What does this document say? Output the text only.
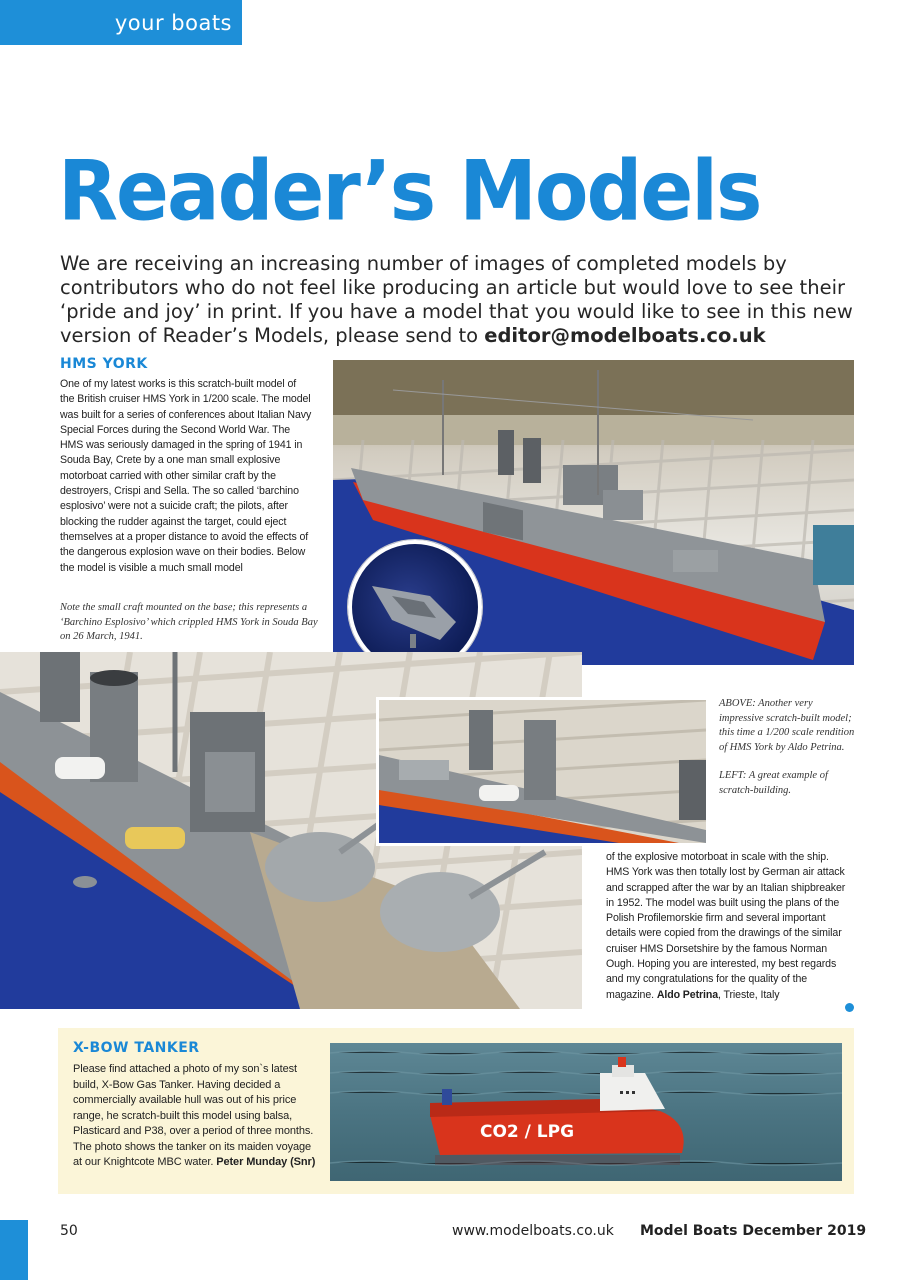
your boats
Reader’s Models
We are receiving an increasing number of images of completed models by contributors who do not feel like producing an article but would love to see their ‘pride and joy’ in print. If you have a model that you would like to see in this new version of Reader’s Models, please send to editor@modelboats.co.uk
HMS YORK
One of my latest works is this scratch-built model of the British cruiser HMS York in 1/200 scale. The model was built for a series of conferences about Italian Navy Special Forces during the Second World War. The HMS was seriously damaged in the spring of 1941 in Souda Bay, Crete by a one man small explosive motorboat carried with other similar craft by the destroyers, Crispi and Sella. The so called ‘barchino esplosivo’ were not a suicide craft; the pilots, after blocking the rudder against the target, could eject themselves at a proper distance to avoid the effects of the dangerous explosion wave on their bodies. Below the model is visible a much small model
Note the small craft mounted on the base; this represents a ‘Barchino Esplosivo’ which crippled HMS York in Souda Bay on 26 March, 1941.
ABOVE: Another very impressive scratch-built model; this time a 1/200 scale rendition of HMS York by Aldo Petrina.
LEFT: A great example of scratch-building.
of the explosive motorboat in scale with the ship. HMS York was then totally lost by German air attack and scrapped after the war by an Italian shipbreaker in 1952. The model was built using the plans of the Polish Profilemorskie firm and several important details were copied from the drawings of the similar cruiser HMS Dorsetshire by the famous Norman Ough. Hoping you are interested, my best regards and my congratulations for the quality of the magazine. Aldo Petrina, Trieste, Italy
X-BOW TANKER
Please find attached a photo of my son`s latest build, X-Bow Gas Tanker. Having decided a commercially available hull was out of his price range, he scratch-built this model using balsa, Plasticard and P38, over a period of three months. The photo shows the tanker on its maiden voyage at our Knightcote MBC water. Peter Munday (Snr)
CO2 / LPG
50	www.modelboats.co.uk Model Boats December 2019
